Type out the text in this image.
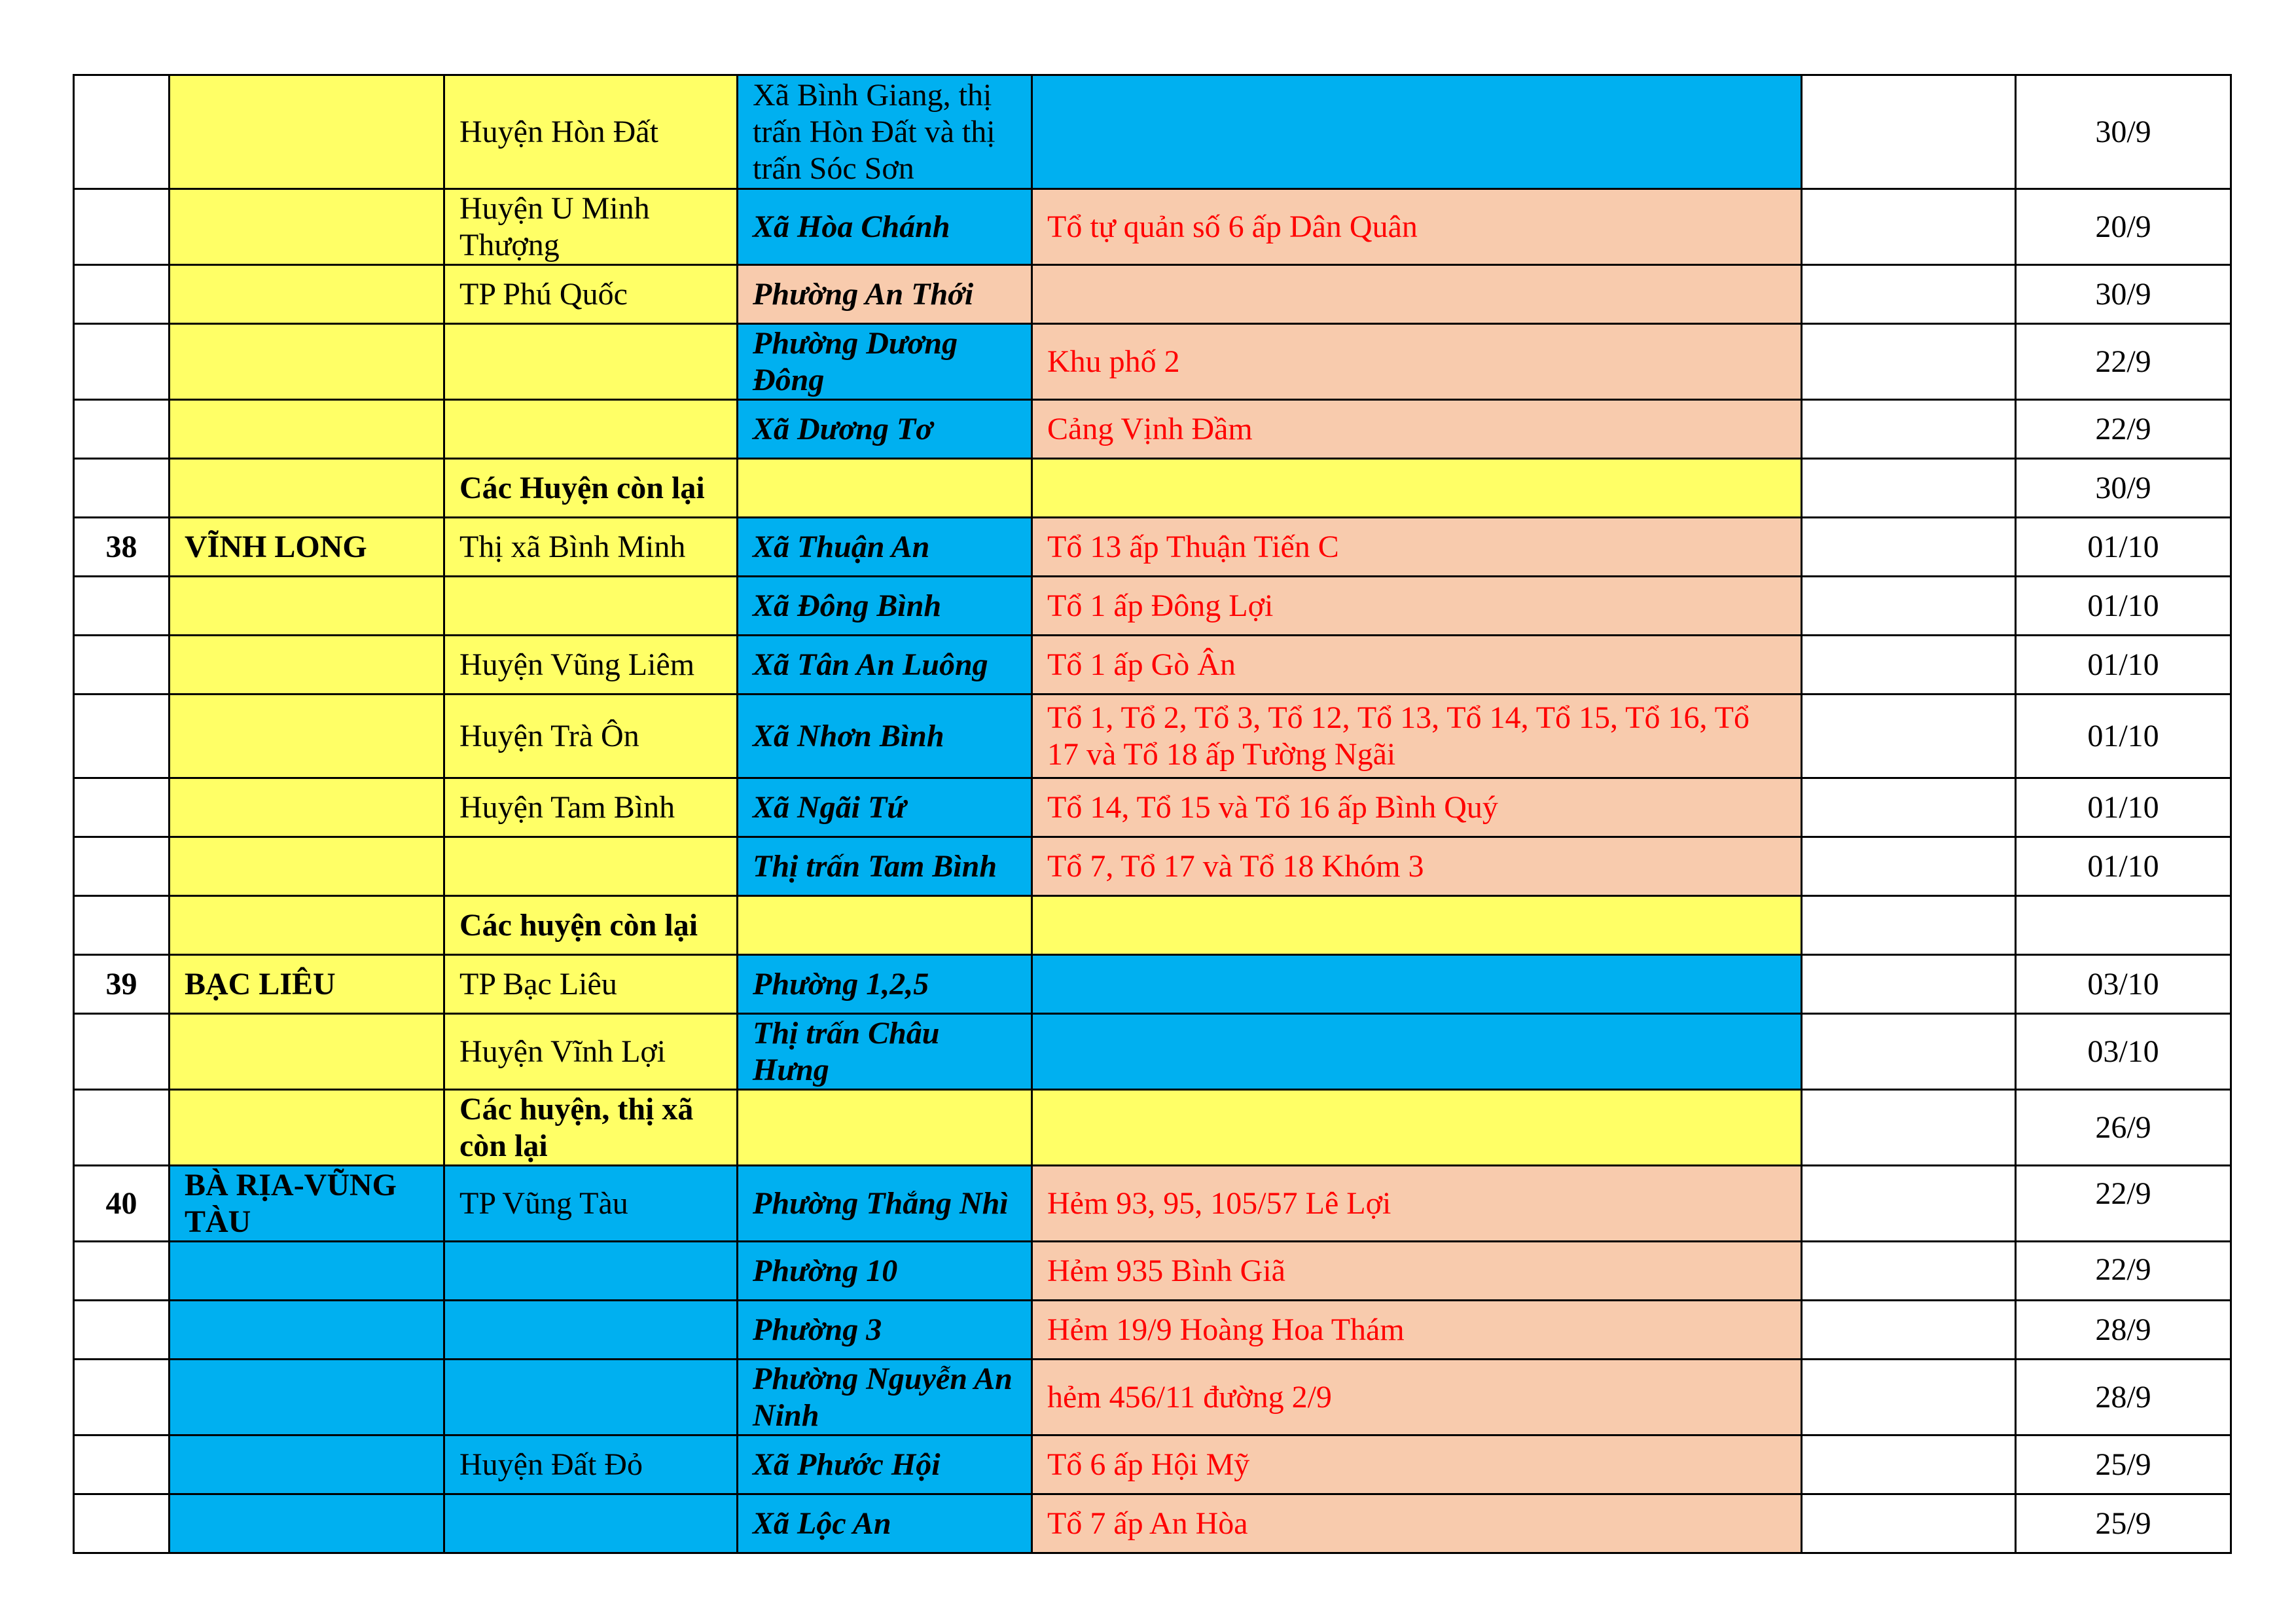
		Huyện Hòn Đất	Xã Bình Giang, thị trấn Hòn Đất và thị trấn Sóc Sơn			30/9
		Huyện U Minh Thượng	Xã Hòa Chánh	Tổ tự quản số 6 ấp Dân Quân		20/9
		TP Phú Quốc	Phường An Thới			30/9
			Phường Dương Đông	Khu phố 2		22/9
			Xã Dương Tơ	Cảng Vịnh Đầm		22/9
		Các Huyện còn lại				30/9
38	VĨNH LONG	Thị xã Bình Minh	Xã Thuận An	Tổ 13 ấp Thuận Tiến C		01/10
			Xã Đông Bình	Tổ 1 ấp Đông Lợi		01/10
		Huyện Vũng Liêm	Xã Tân An Luông	Tổ 1 ấp Gò Ân		01/10
		Huyện Trà Ôn	Xã Nhơn Bình	Tổ 1, Tổ 2, Tổ 3, Tổ 12, Tổ 13, Tổ 14, Tổ 15, Tổ 16, Tổ 17 và Tổ 18 ấp Tường Ngãi		01/10
		Huyện Tam Bình	Xã Ngãi Tứ	Tổ 14, Tổ 15 và Tổ 16 ấp Bình Quý		01/10
			Thị trấn Tam Bình	Tổ 7, Tổ 17 và Tổ 18 Khóm 3		01/10
		Các huyện còn lại				
39	BẠC LIÊU	TP Bạc Liêu	Phường 1,2,5			03/10
		Huyện Vĩnh Lợi	Thị trấn Châu Hưng			03/10
		Các huyện, thị xã còn lại				26/9
40	BÀ RỊA-VŨNG TÀU	TP Vũng Tàu	Phường Thắng Nhì	Hẻm 93, 95, 105/57 Lê Lợi		22/9
			Phường 10	Hẻm 935 Bình Giã		22/9
			Phường 3	Hẻm 19/9 Hoàng Hoa Thám		28/9
			Phường Nguyễn An Ninh	hẻm 456/11 đường 2/9		28/9
		Huyện Đất Đỏ	Xã Phước Hội	Tổ 6 ấp Hội Mỹ		25/9
			Xã Lộc An	Tổ 7 ấp An Hòa		25/9
